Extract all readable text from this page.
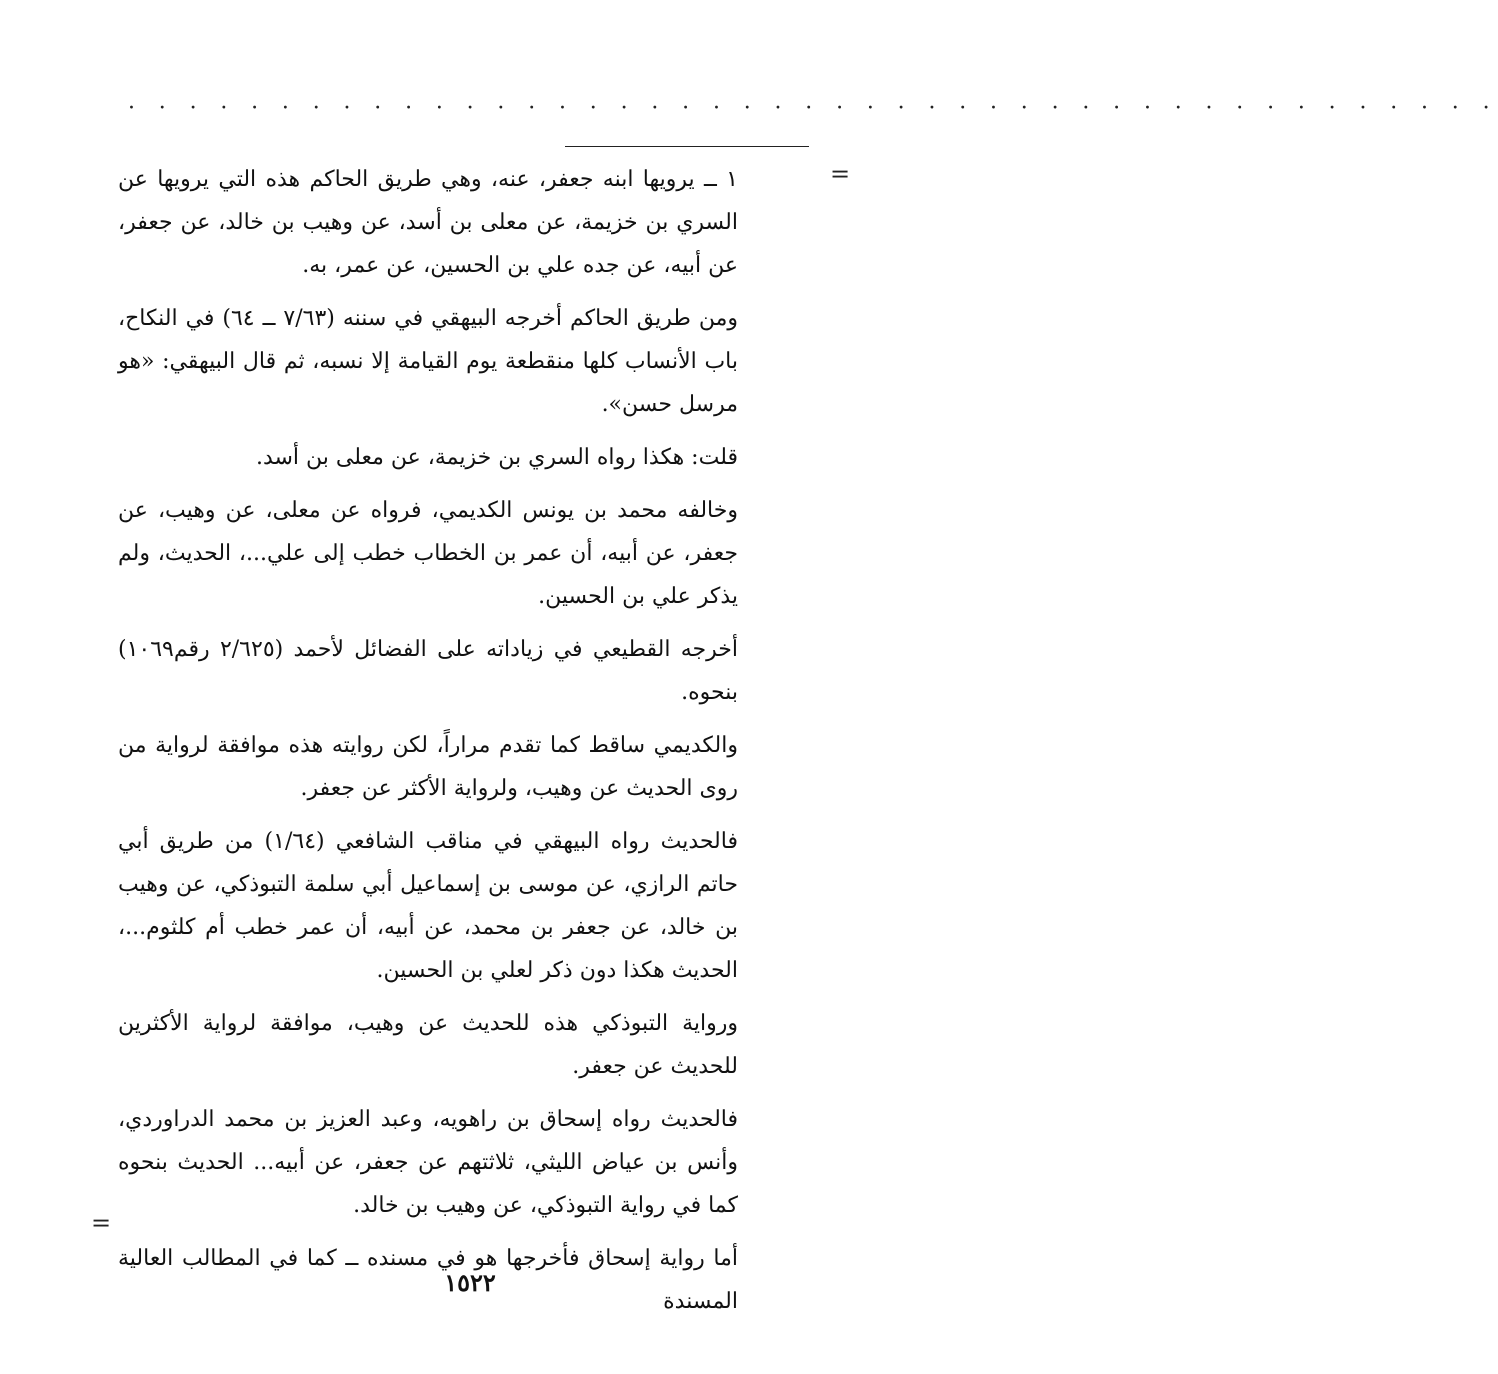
· · · · · · · · · · · · · · · · · · · · · · · · · · · · · · · · · · · · · · · · · · · · ·
=

١ ــ يرويها ابنه جعفر، عنه، وهي طريق الحاكم هذه التي يرويها عن السري بن خزيمة، عن معلى بن أسد، عن وهيب بن خالد، عن جعفر، عن أبيه، عن جده علي بن الحسين، عن عمر، به.

ومن طريق الحاكم أخرجه البيهقي في سننه (٧/٦٣ ــ ٦٤) في النكاح، باب الأنساب كلها منقطعة يوم القيامة إلا نسبه، ثم قال البيهقي: «هو مرسل حسن».

قلت: هكذا رواه السري بن خزيمة، عن معلى بن أسد.

وخالفه محمد بن يونس الكديمي، فرواه عن معلى، عن وهيب، عن جعفر، عن أبيه، أن عمر بن الخطاب خطب إلى علي...، الحديث، ولم يذكر علي بن الحسين.

أخرجه القطيعي في زياداته على الفضائل لأحمد (٢/٦٢٥ رقم١٠٦٩) بنحوه.

والكديمي ساقط كما تقدم مراراً، لكن روايته هذه موافقة لرواية من روى الحديث عن وهيب، ولرواية الأكثر عن جعفر.

فالحديث رواه البيهقي في مناقب الشافعي (١/٦٤) من طريق أبي حاتم الرازي، عن موسى بن إسماعيل أبي سلمة التبوذكي، عن وهيب بن خالد، عن جعفر بن محمد، عن أبيه، أن عمر خطب أم كلثوم...، الحديث هكذا دون ذكر لعلي بن الحسين.

ورواية التبوذكي هذه للحديث عن وهيب، موافقة لرواية الأكثرين للحديث عن جعفر.

فالحديث رواه إسحاق بن راهويه، وعبد العزيز بن محمد الدراوردي، وأنس بن عياض الليثي، ثلاثتهم عن جعفر، عن أبيه... الحديث بنحوه كما في رواية التبوذكي، عن وهيب بن خالد.

أما رواية إسحاق فأخرجها هو في مسنده ــ كما في المطالب العالية المسندة

=
١٥٢٢
